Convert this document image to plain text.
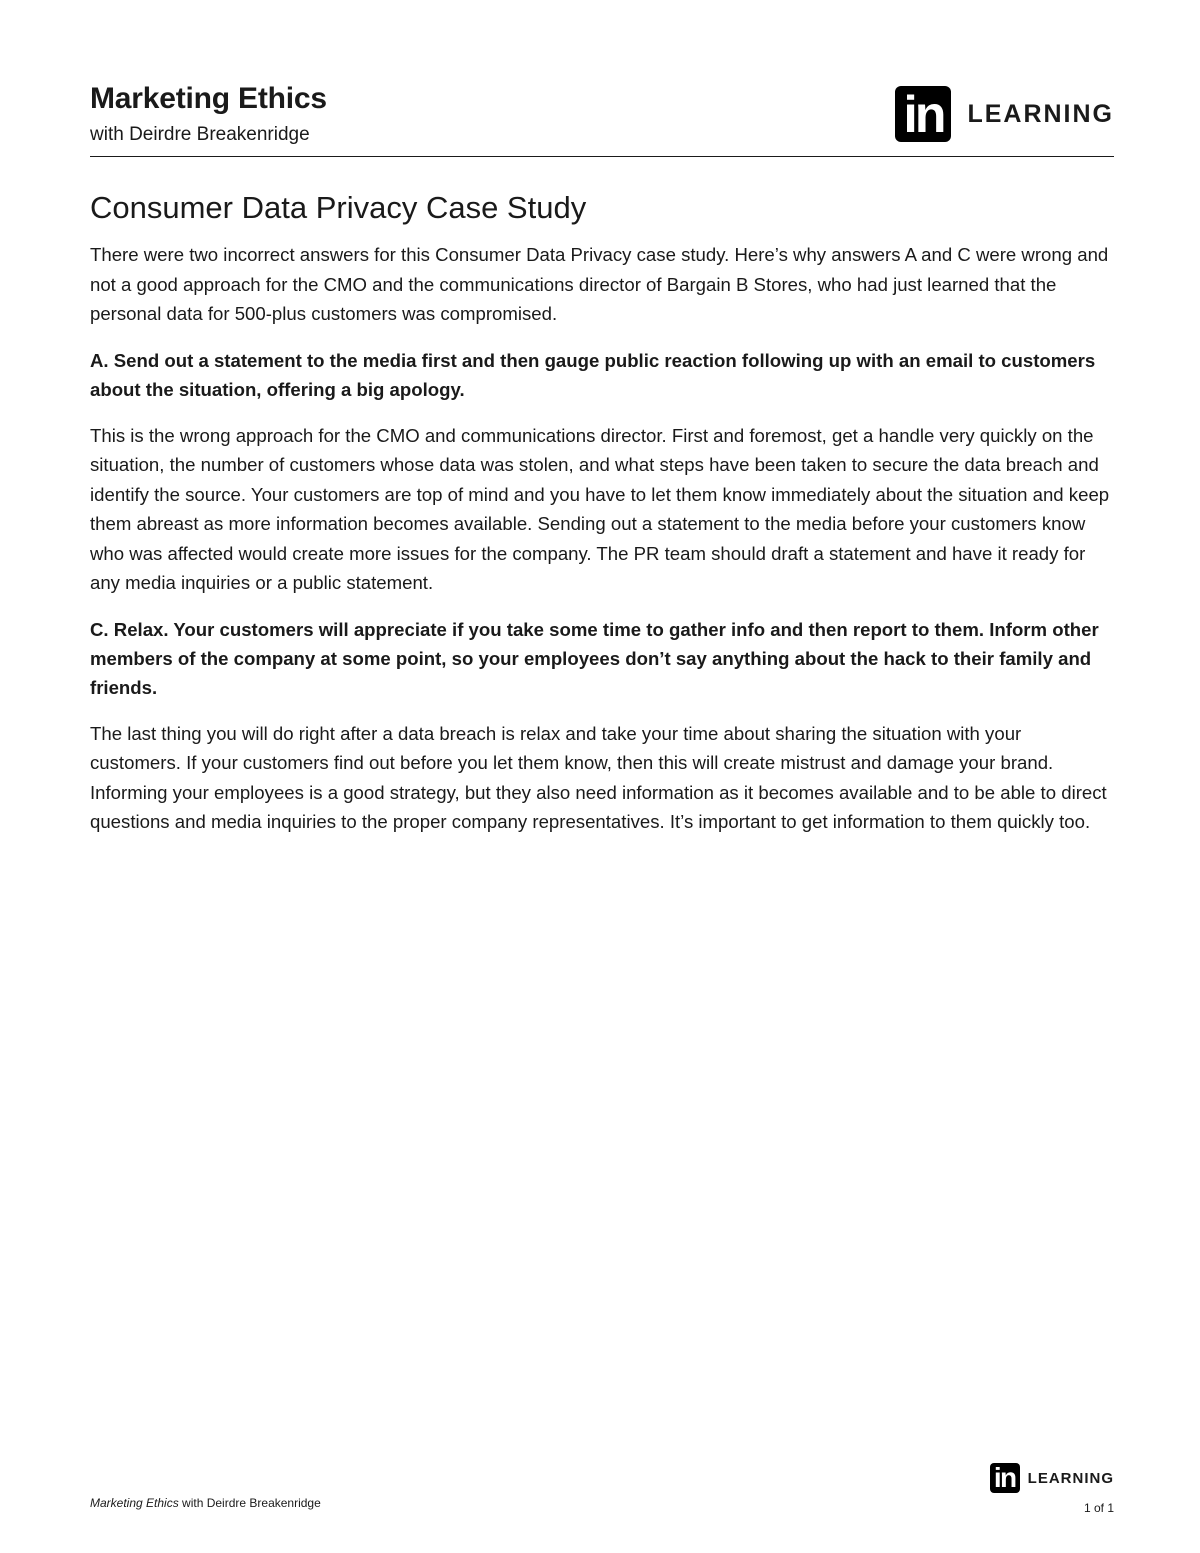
Marketing Ethics

with Deirdre Breakenridge	in LEARNING
Consumer Data Privacy Case Study

There were two incorrect answers for this Consumer Data Privacy case study. Here’s why answers A and C were wrong and not a good approach for the CMO and the communications director of Bargain B Stores, who had just learned that the personal data for 500-plus customers was compromised.

A. Send out a statement to the media first and then gauge public reaction following up with an email to customers about the situation, offering a big apology.

This is the wrong approach for the CMO and communications director. First and foremost, get a handle very quickly on the situation, the number of customers whose data was stolen, and what steps have been taken to secure the data breach and identify the source. Your customers are top of mind and you have to let them know immediately about the situation and keep them abreast as more information becomes available. Sending out a statement to the media before your customers know who was affected would create more issues for the company. The PR team should draft a statement and have it ready for any media inquiries or a public statement.

C. Relax. Your customers will appreciate if you take some time to gather info and then report to them. Inform other members of the company at some point, so your employees don’t say anything about the hack to their family and friends.

The last thing you will do right after a data breach is relax and take your time about sharing the situation with your customers. If your customers find out before you let them know, then this will create mistrust and damage your brand. Informing your employees is a good strategy, but they also need information as it becomes available and to be able to direct questions and media inquiries to the proper company representatives. It’s important to get information to them quickly too.

Marketing Ethics with Deirdre Breakenridge
in LEARNING
1 of 1
